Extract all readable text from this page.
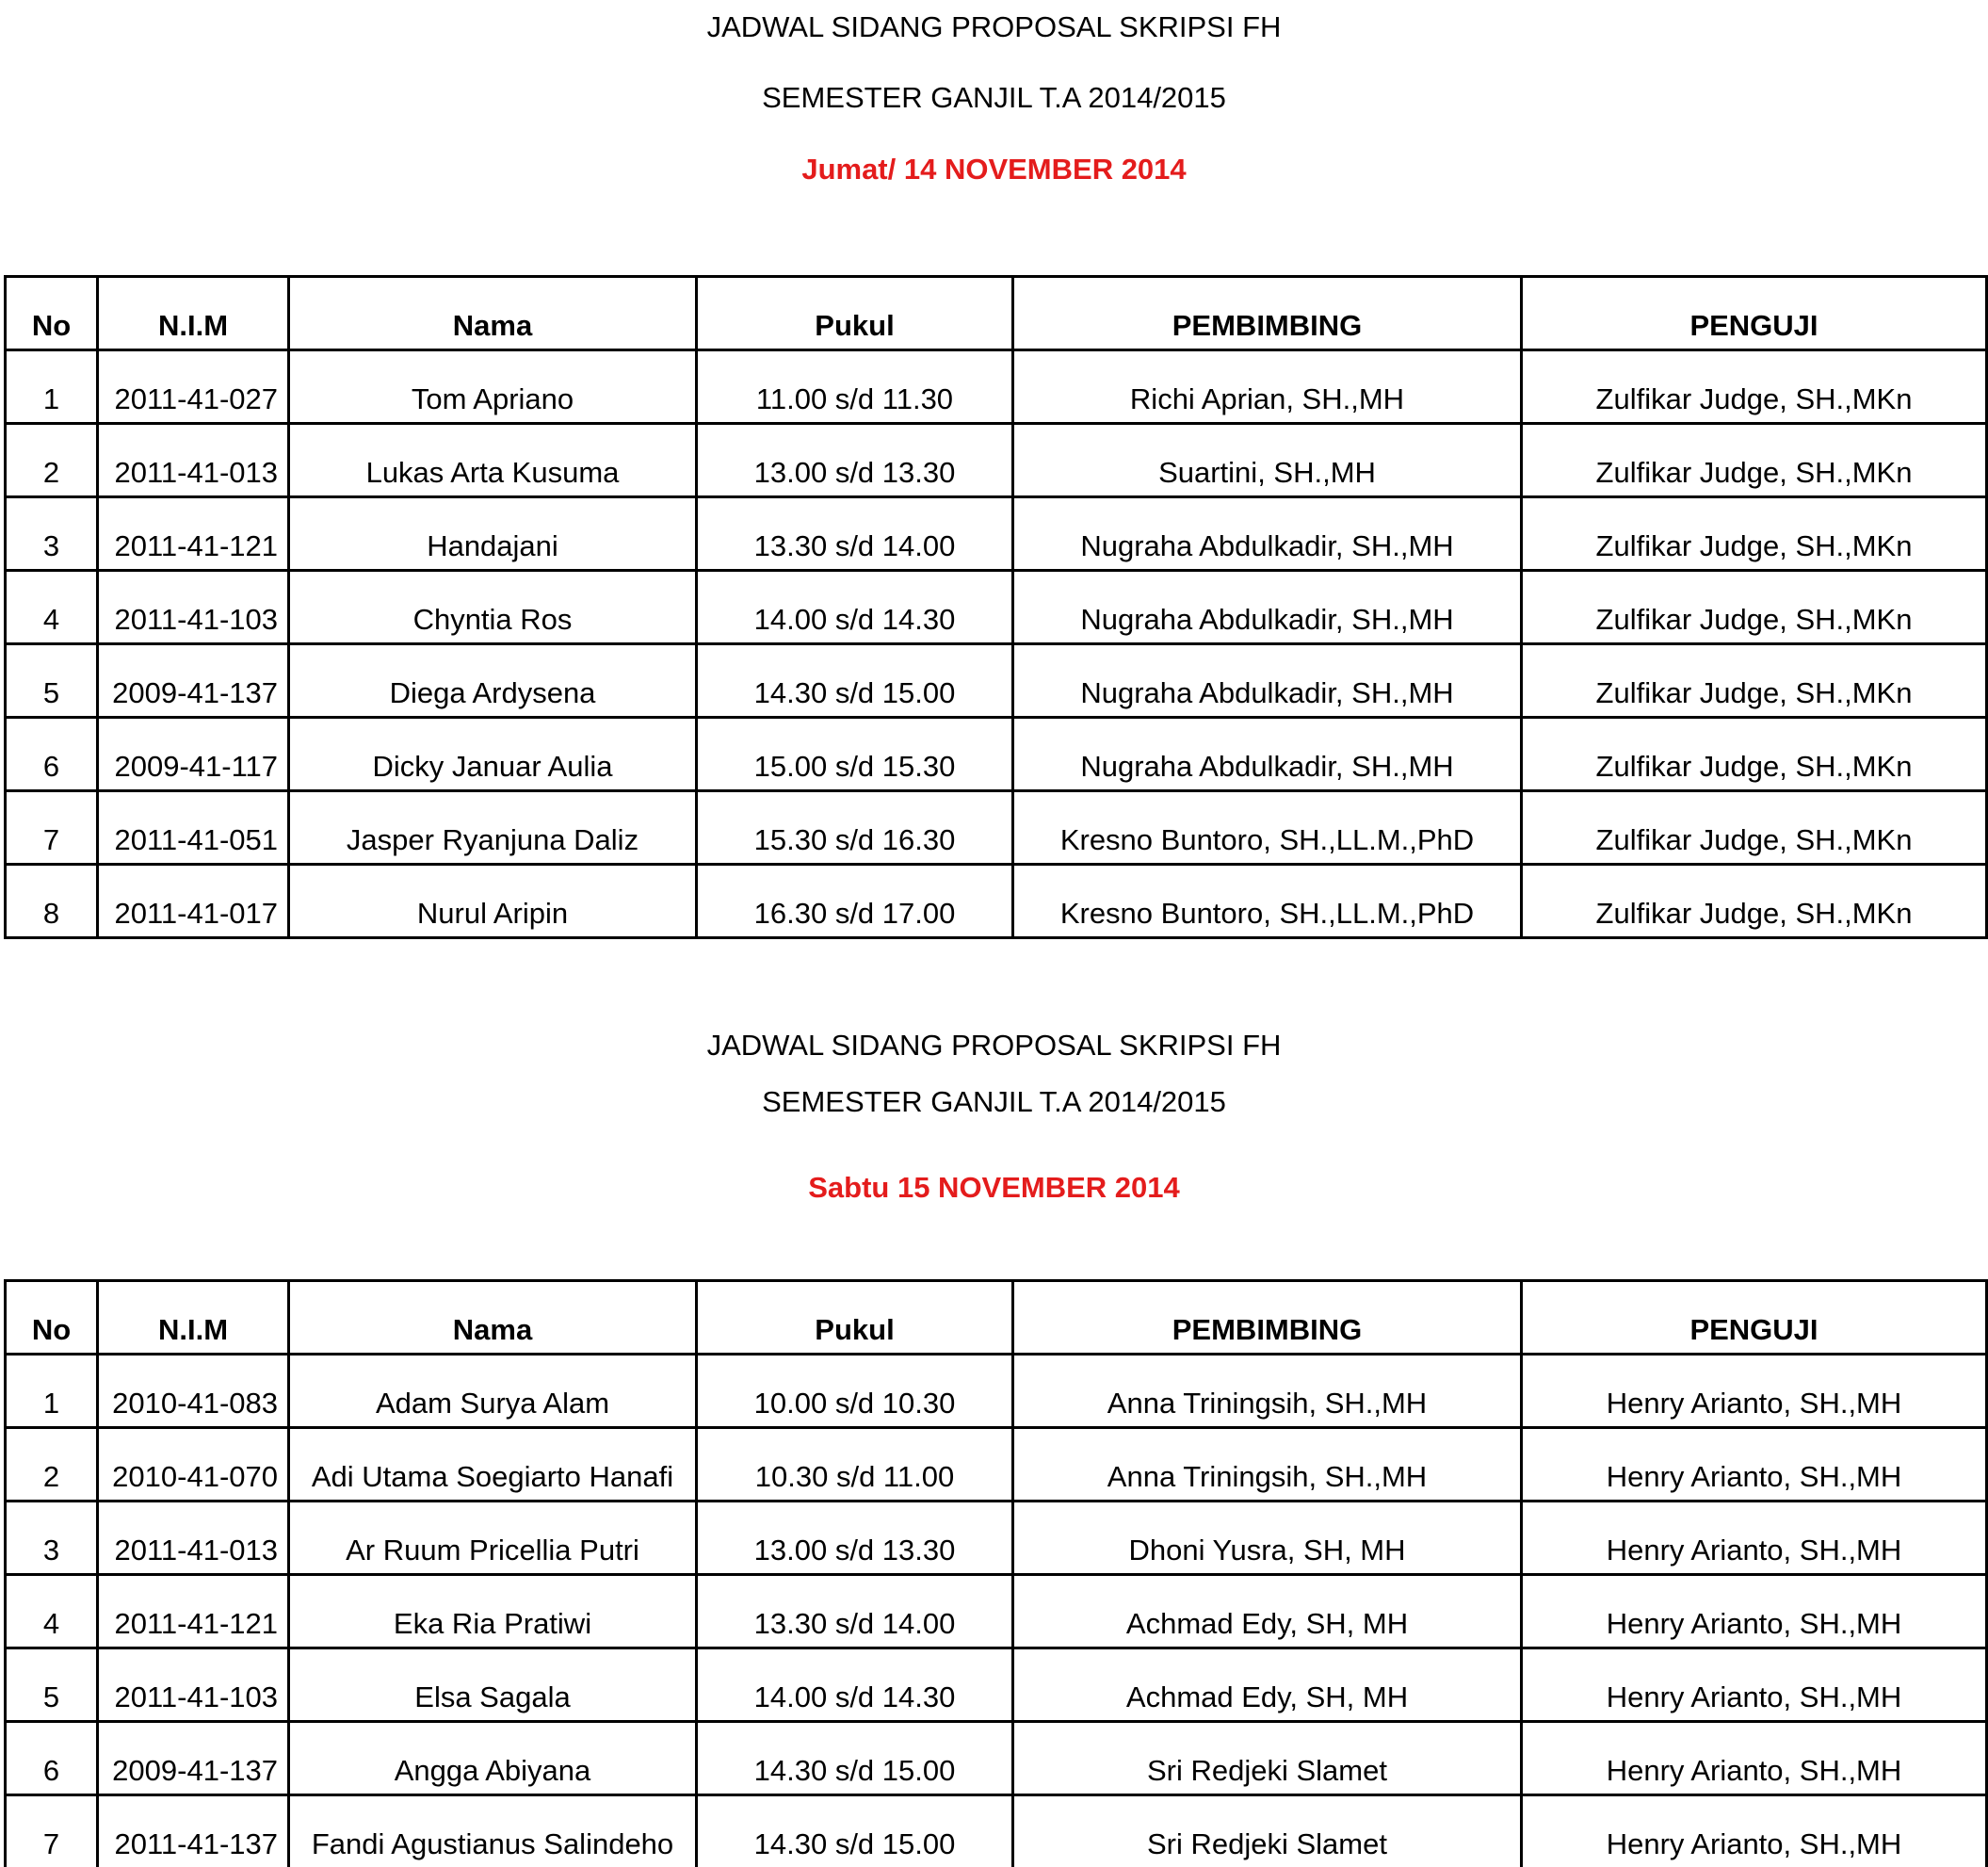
JADWAL SIDANG PROPOSAL SKRIPSI FH
SEMESTER GANJIL T.A 2014/2015
Jumat/ 14 NOVEMBER 2014
No	N.I.M	Nama	Pukul	PEMBIMBING	PENGUJI
1	2011-41-027	Tom Apriano	11.00 s/d 11.30	Richi Aprian, SH.,MH	Zulfikar Judge, SH.,MKn
2	2011-41-013	Lukas Arta Kusuma	13.00 s/d 13.30	Suartini, SH.,MH	Zulfikar Judge, SH.,MKn
3	2011-41-121	Handajani	13.30 s/d 14.00	Nugraha Abdulkadir, SH.,MH	Zulfikar Judge, SH.,MKn
4	2011-41-103	Chyntia Ros	14.00 s/d 14.30	Nugraha Abdulkadir, SH.,MH	Zulfikar Judge, SH.,MKn
5	2009-41-137	Diega Ardysena	14.30 s/d 15.00	Nugraha Abdulkadir, SH.,MH	Zulfikar Judge, SH.,MKn
6	2009-41-117	Dicky Januar Aulia	15.00 s/d 15.30	Nugraha Abdulkadir, SH.,MH	Zulfikar Judge, SH.,MKn
7	2011-41-051	Jasper Ryanjuna Daliz	15.30 s/d 16.30	Kresno Buntoro, SH.,LL.M.,PhD	Zulfikar Judge, SH.,MKn
8	2011-41-017	Nurul Aripin	16.30 s/d 17.00	Kresno Buntoro, SH.,LL.M.,PhD	Zulfikar Judge, SH.,MKn
JADWAL SIDANG PROPOSAL SKRIPSI FH
SEMESTER GANJIL T.A 2014/2015
Sabtu 15 NOVEMBER 2014
No	N.I.M	Nama	Pukul	PEMBIMBING	PENGUJI
1	2010-41-083	Adam Surya Alam	10.00 s/d 10.30	Anna Triningsih, SH.,MH	Henry Arianto, SH.,MH
2	2010-41-070	Adi Utama Soegiarto Hanafi	10.30 s/d 11.00	Anna Triningsih, SH.,MH	Henry Arianto, SH.,MH
3	2011-41-013	Ar Ruum Pricellia Putri	13.00 s/d 13.30	Dhoni Yusra, SH, MH	Henry Arianto, SH.,MH
4	2011-41-121	Eka Ria Pratiwi	13.30 s/d 14.00	Achmad Edy, SH, MH	Henry Arianto, SH.,MH
5	2011-41-103	Elsa Sagala	14.00 s/d 14.30	Achmad Edy, SH, MH	Henry Arianto, SH.,MH
6	2009-41-137	Angga Abiyana	14.30 s/d 15.00	Sri Redjeki Slamet	Henry Arianto, SH.,MH
7	2011-41-137	Fandi Agustianus Salindeho	14.30 s/d 15.00	Sri Redjeki Slamet	Henry Arianto, SH.,MH
